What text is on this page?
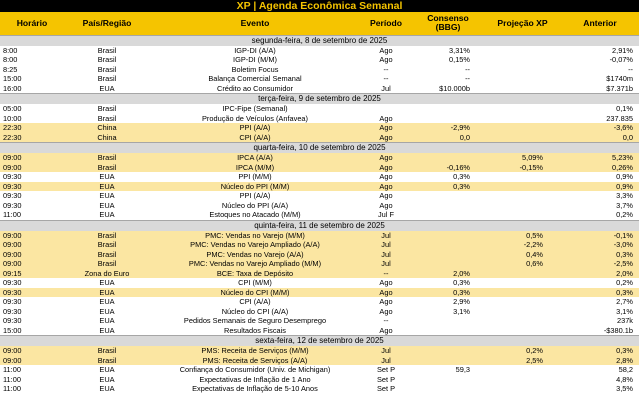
XP | Agenda Econômica Semanal
Horário	País/Região	Evento	Período	Consenso (BBG)	Projeção XP	Anterior
segunda-feira, 8 de setembro de 2025						
8:00	Brasil	IGP-DI (A/A)	Ago	3,31%		2,91%
8:00	Brasil	IGP-DI (M/M)	Ago	0,15%		-0,07%
8:25	Brasil	Boletim Focus	--	--		--
15:00	Brasil	Balança Comercial Semanal	--	--		$1740m
16:00	EUA	Crédito ao Consumidor	Jul	$10.000b		$7.371b
terça-feira, 9 de setembro de 2025						
05:00	Brasil	IPC-Fipe (Semanal)				0,1%
10:00	Brasil	Produção de Veículos (Anfavea)	Ago			237.835
22:30	China	PPI (A/A)	Ago	-2,9%		-3,6%
22:30	China	CPI (A/A)	Ago	0,0		0,0
quarta-feira, 10 de setembro de 2025						
09:00	Brasil	IPCA (A/A)	Ago		5,09%	5,23%
09:00	Brasil	IPCA (M/M)	Ago	-0,16%	-0,15%	0,26%
09:30	EUA	PPI (M/M)	Ago	0,3%		0,9%
09:30	EUA	Núcleo do PPI (M/M)	Ago	0,3%		0,9%
09:30	EUA	PPI (A/A)	Ago			3,3%
09:30	EUA	Núcleo do PPI (A/A)	Ago			3,7%
11:00	EUA	Estoques no Atacado (M/M)	Jul F			0,2%
quinta-feira, 11 de setembro de 2025						
09:00	Brasil	PMC: Vendas no Varejo (M/M)	Jul		0,5%	-0,1%
09:00	Brasil	PMC: Vendas no Varejo Ampliado (A/A)	Jul		-2,2%	-3,0%
09:00	Brasil	PMC: Vendas no Varejo (A/A)	Jul		0,4%	0,3%
09:00	Brasil	PMC: Vendas no Varejo Ampliado (M/M)	Jul		0,6%	-2,5%
09:15	Zona do Euro	BCE: Taxa de Depósito	--	2,0%		2,0%
09:30	EUA	CPI (M/M)	Ago	0,3%		0,2%
09:30	EUA	Núcleo do CPI (M/M)	Ago	0,3%		0,3%
09:30	EUA	CPI (A/A)	Ago	2,9%		2,7%
09:30	EUA	Núcleo do CPI (A/A)	Ago	3,1%		3,1%
09:30	EUA	Pedidos Semanais de Seguro Desemprego	--			237k
15:00	EUA	Resultados Fiscais	Ago			-$380.1b
sexta-feira, 12 de setembro de 2025						
09:00	Brasil	PMS: Receita de Serviços (M/M)	Jul		0,2%	0,3%
09:00	Brasil	PMS: Receita de Serviços (A/A)	Jul		2,5%	2,8%
11:00	EUA	Confiança do Consumidor (Univ. de Michigan)	Set P	59,3		58,2
11:00	EUA	Expectativas de Inflação de 1 Ano	Set P			4,8%
11:00	EUA	Expectativas de Inflação de 5-10 Anos	Set P			3,5%
